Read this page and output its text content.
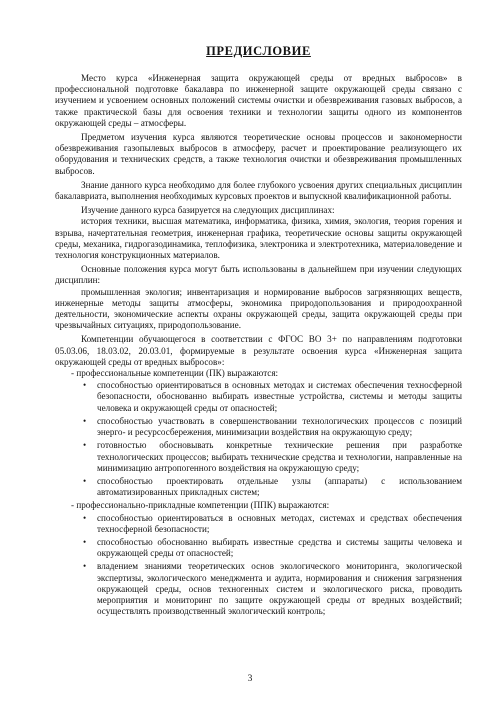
ПРЕДИСЛОВИЕ

Место курса «Инженерная защита окружающей среды от вредных выбросов» в профессиональной подготовке бакалавра по инженерной защите окружающей среды связано с изучением и усвоением основных положений системы очистки и обезвреживания газовых выбросов, а также практической базы для освоения техники и технологии защиты одного из компонентов окружающей среды – атмосферы.

Предметом изучения курса являются теоретические основы процессов и закономерности обезвреживания газопылевых выбросов в атмосферу, расчет и проектирование реализующего их оборудования и технических средств, а также технология очистки и обезвреживания промышленных выбросов.

Знание данного курса необходимо для более глубокого усвоения других специальных дисциплин бакалавриата, выполнения необходимых курсовых проектов и выпускной квалификационной работы.

Изучение данного курса базируется на следующих дисциплинах:

история техники, высшая математика, информатика, физика, химия, экология, теория горения и взрыва, начертательная геометрия, инженерная графика, теоретические основы защиты окружающей среды, механика, гидрогазодинамика, теплофизика, электроника и электротехника, материаловедение и технология конструкционных материалов.

Основные положения курса могут быть использованы в дальнейшем при изучении следующих дисциплин:

промышленная экология; инвентаризация и нормирование выбросов загрязняющих веществ, инженерные методы защиты атмосферы, экономика природопользования и природоохранной деятельности, экономические аспекты охраны окружающей среды, защита окружающей среды при чрезвычайных ситуациях, природопользование.

Компетенции обучающегося в соответствии с ФГОС ВО 3+ по направлениям подготовки 05.03.06, 18.03.02, 20.03.01, формируемые в результате освоения курса «Инженерная защита окружающей среды от вредных выбросов»:

- профессиональные компетенции (ПК) выражаются:
• способностью ориентироваться в основных методах и системах обеспечения техносферной безопасности, обоснованно выбирать известные устройства, системы и методы защиты человека и окружающей среды от опасностей;
• способностью участвовать в совершенствовании технологических процессов с позиций энерго- и ресурсосбережения, минимизации воздействия на окружающую среду;
• готовностью обосновывать конкретные технические решения при разработке технологических процессов; выбирать технические средства и технологии, направленные на минимизацию антропогенного воздействия на окружающую среду;
• способностью проектировать отдельные узлы (аппараты) с использованием автоматизированных прикладных систем;
- профессионально-прикладные компетенции (ППК) выражаются:
• способностью ориентироваться в основных методах, системах и средствах обеспечения техносферной безопасности;
• способностью обоснованно выбирать известные средства и системы защиты человека и окружающей среды от опасностей;
• владением знаниями теоретических основ экологического мониторинга, экологической экспертизы, экологического менеджмента и аудита, нормирования и снижения загрязнения окружающей среды, основ техногенных систем и экологического риска, проводить мероприятия и мониторинг по защите окружающей среды от вредных воздействий; осуществлять производственный экологический контроль;
3
